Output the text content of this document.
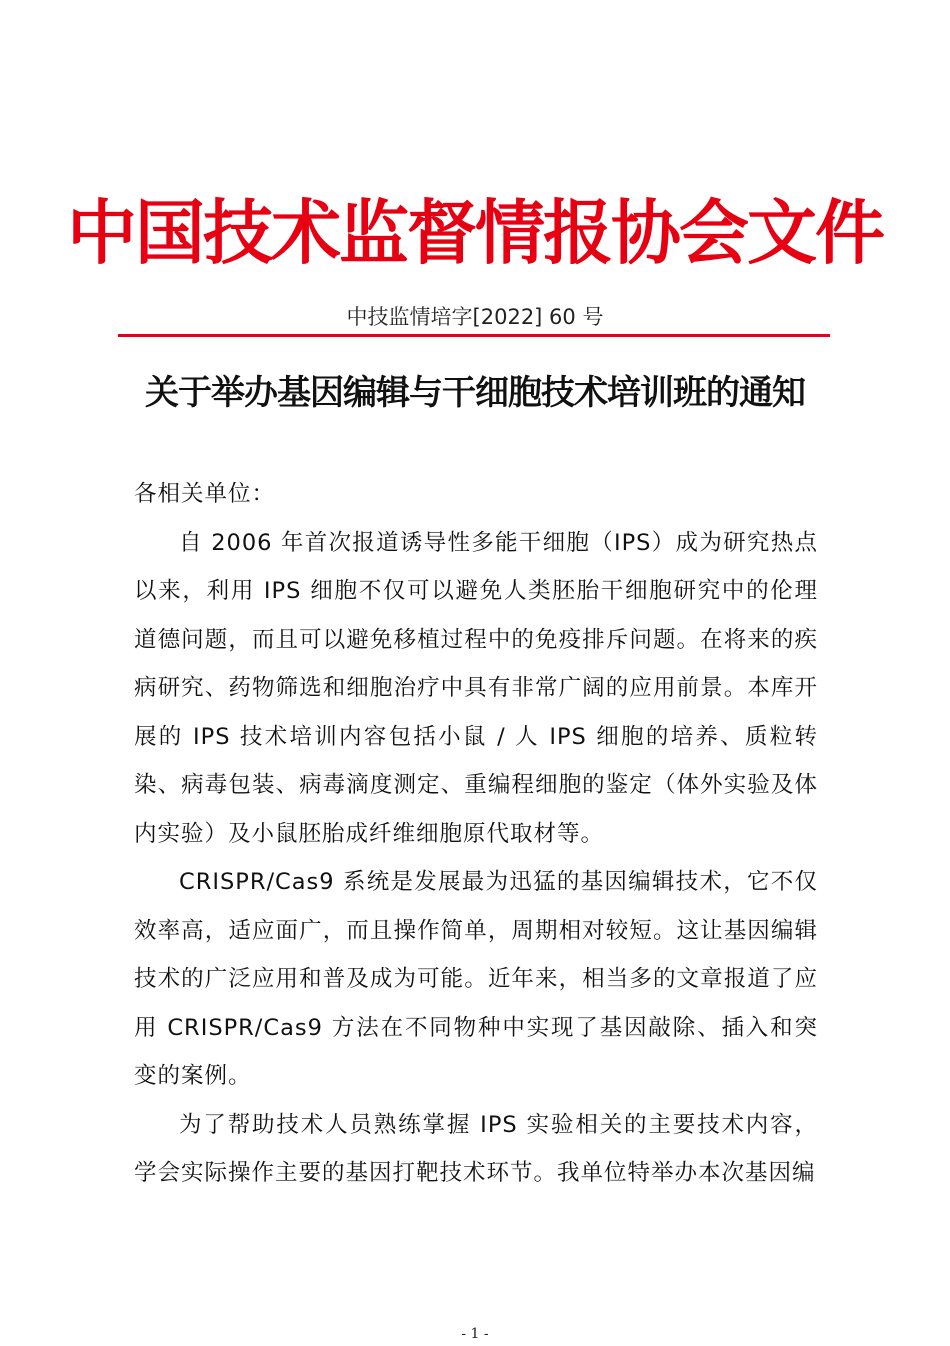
中国技术监督情报协会文件
中技监情培字[2022] 60 号
关于举办基因编辑与干细胞技术培训班的通知

各相关单位：

自 2006 年首次报道诱导性多能干细胞（IPS）成为研究热点以来，利用 IPS 细胞不仅可以避免人类胚胎干细胞研究中的伦理道德问题，而且可以避免移植过程中的免疫排斥问题。在将来的疾病研究、药物筛选和细胞治疗中具有非常广阔的应用前景。本库开展的 IPS 技术培训内容包括小鼠 / 人 IPS 细胞的培养、质粒转染、病毒包装、病毒滴度测定、重编程细胞的鉴定（体外实验及体内实验）及小鼠胚胎成纤维细胞原代取材等。

CRISPR/Cas9 系统是发展最为迅猛的基因编辑技术，它不仅效率高，适应面广，而且操作简单，周期相对较短。这让基因编辑技术的广泛应用和普及成为可能。近年来，相当多的文章报道了应用 CRISPR/Cas9 方法在不同物种中实现了基因敲除、插入和突变的案例。

为了帮助技术人员熟练掌握 IPS 实验相关的主要技术内容，学会实际操作主要的基因打靶技术环节。我单位特举办本次基因编

- 1 -
